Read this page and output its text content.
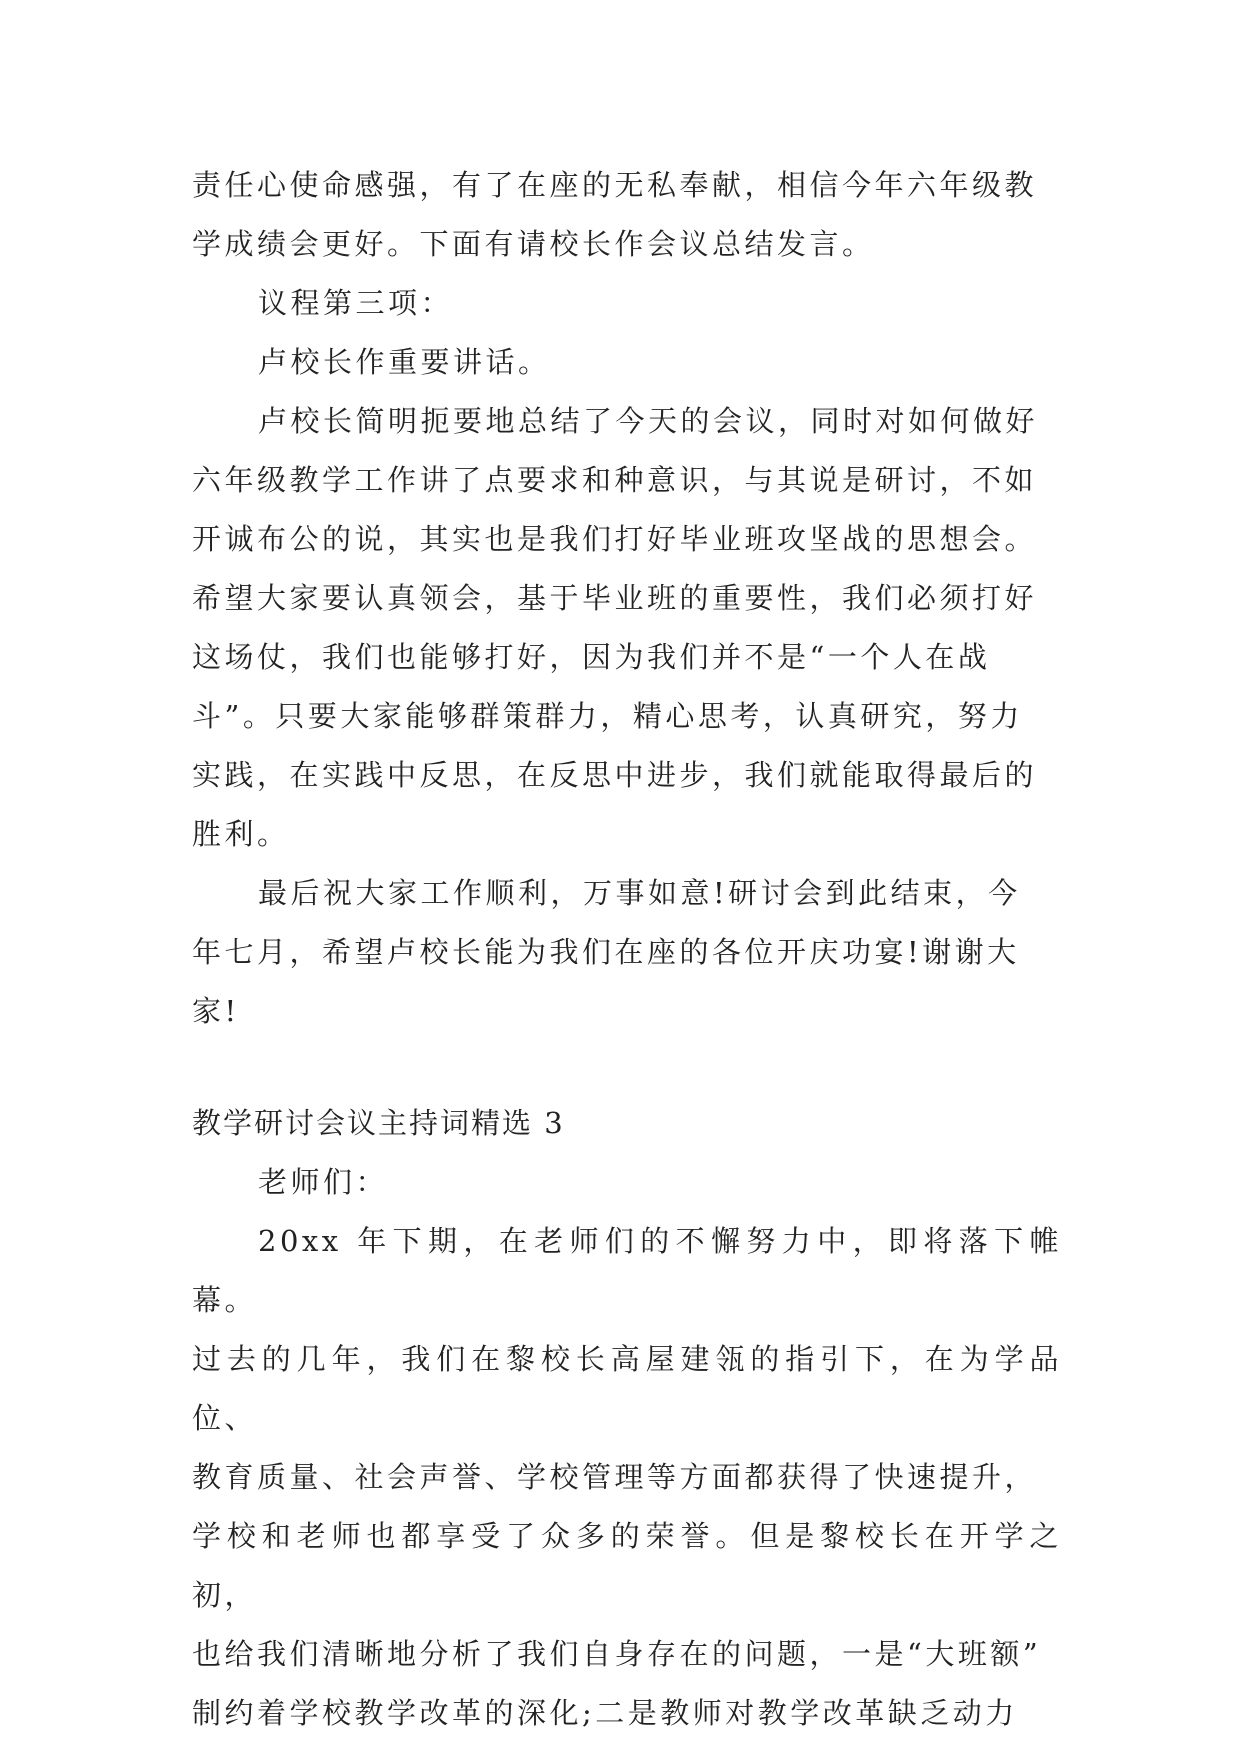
责任心使命感强，有了在座的无私奉献，相信今年六年级教
学成绩会更好。下面有请校长作会议总结发言。

议程第三项：

卢校长作重要讲话。

卢校长简明扼要地总结了今天的会议，同时对如何做好
六年级教学工作讲了点要求和种意识，与其说是研讨，不如
开诚布公的说，其实也是我们打好毕业班攻坚战的思想会。
希望大家要认真领会，基于毕业班的重要性，我们必须打好
这场仗，我们也能够打好，因为我们并不是“一个人在战
斗”。只要大家能够群策群力，精心思考，认真研究，努力
实践，在实践中反思，在反思中进步，我们就能取得最后的
胜利。

最后祝大家工作顺利，万事如意!研讨会到此结束，今
年七月，希望卢校长能为我们在座的各位开庆功宴!谢谢大
家!

教学研讨会议主持词精选 3

老师们：

20xx 年下期，在老师们的不懈努力中，即将落下帷幕。
过去的几年，我们在黎校长高屋建瓴的指引下，在为学品位、
教育质量、社会声誉、学校管理等方面都获得了快速提升，
学校和老师也都享受了众多的荣誉。但是黎校长在开学之初，
也给我们清晰地分析了我们自身存在的问题，一是“大班额”
制约着学校教学改革的深化;二是教师对教学改革缺乏动力
